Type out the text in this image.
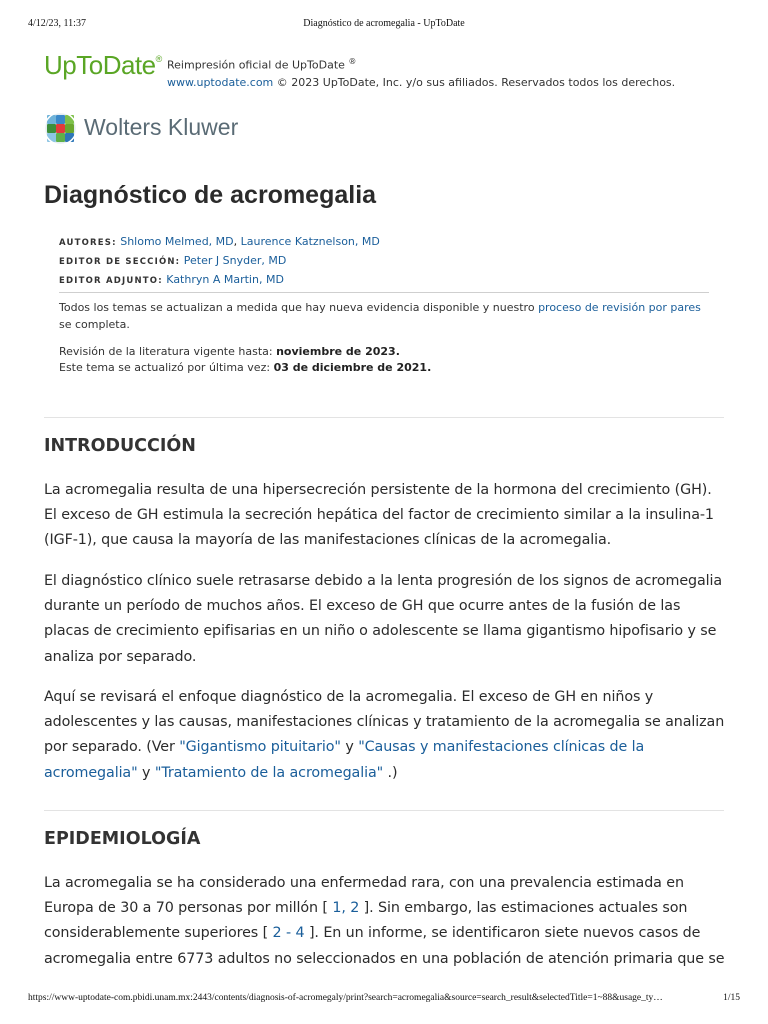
4/12/23, 11:37	Diagnóstico de acromegalia - UpToDate
UpToDate® Reimpresión oficial de UpToDate ®
www.uptodate.com © 2023 UpToDate, Inc. y/o sus afiliados. Reservados todos los derechos.
Wolters Kluwer
Diagnóstico de acromegalia
AUTORES: Shlomo Melmed, MD, Laurence Katznelson, MD
EDITOR DE SECCIÓN: Peter J Snyder, MD
EDITOR ADJUNTO: Kathryn A Martin, MD
Todos los temas se actualizan a medida que hay nueva evidencia disponible y nuestro proceso de revisión por pares se completa.
Revisión de la literatura vigente hasta: noviembre de 2023.
Este tema se actualizó por última vez: 03 de diciembre de 2021.
INTRODUCCIÓN

La acromegalia resulta de una hipersecreción persistente de la hormona del crecimiento (GH). El exceso de GH estimula la secreción hepática del factor de crecimiento similar a la insulina-1 (IGF-1), que causa la mayoría de las manifestaciones clínicas de la acromegalia.

El diagnóstico clínico suele retrasarse debido a la lenta progresión de los signos de acromegalia durante un período de muchos años. El exceso de GH que ocurre antes de la fusión de las placas de crecimiento epifisarias en un niño o adolescente se llama gigantismo hipofisario y se analiza por separado.

Aquí se revisará el enfoque diagnóstico de la acromegalia. El exceso de GH en niños y adolescentes y las causas, manifestaciones clínicas y tratamiento de la acromegalia se analizan por separado. (Ver "Gigantismo pituitario" y "Causas y manifestaciones clínicas de la acromegalia" y "Tratamiento de la acromegalia" .)

EPIDEMIOLOGÍA

La acromegalia se ha considerado una enfermedad rara, con una prevalencia estimada en Europa de 30 a 70 personas por millón [ 1, 2 ]. Sin embargo, las estimaciones actuales son considerablemente superiores [ 2 - 4 ]. En un informe, se identificaron siete nuevos casos de acromegalia entre 6773 adultos no seleccionados en una población de atención primaria que se

https://www-uptodate-com.pbidi.unam.mx:2443/contents/diagnosis-of-acromegaly/print?search=acromegalia&source=search_result&selectedTitle=1~88&usage_ty…	1/15
